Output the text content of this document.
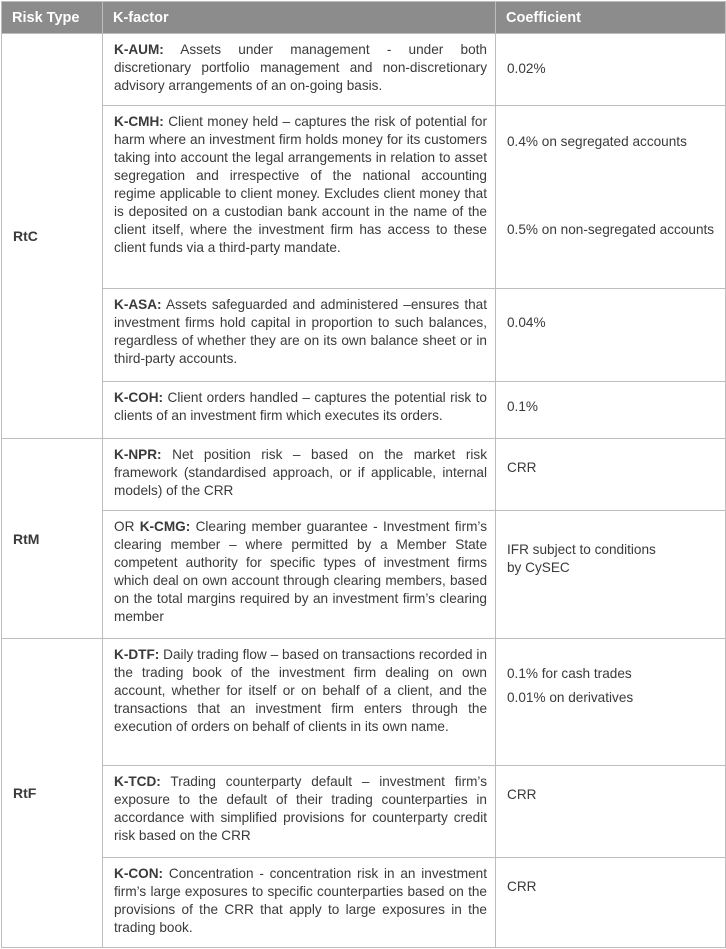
Risk Type	K-factor	Coefficient
RtC	K-AUM: Assets under management - under both discretionary portfolio management and non-discretionary advisory arrangements of an on-going basis.	0.02%

	K-CMH: Client money held – captures the risk of potential for harm where an investment firm holds money for its customers taking into account the legal arrangements in relation to asset segregation and irrespective of the national accounting regime applicable to client money. Excludes client money that is deposited on a custodian bank account in the name of the client itself, where the investment firm has access to these client funds via a third-party mandate.	0.4% on segregated accounts
0.5% on non-segregated accounts

	K-ASA: Assets safeguarded and administered –ensures that investment firms hold capital in proportion to such balances, regardless of whether they are on its own balance sheet or in third-party accounts.	0.04%

	K-COH: Client orders handled – captures the potential risk to clients of an investment firm which executes its orders.	0.1%

RtM	K-NPR: Net position risk – based on the market risk framework (standardised approach, or if applicable, internal models) of the CRR	CRR

	OR K-CMG: Clearing member guarantee - Investment firm’s clearing member – where permitted by a Member State competent authority for specific types of investment firms which deal on own account through clearing members, based on the total margins required by an investment firm’s clearing member	IFR subject to conditions
by CySEC

RtF	K-DTF: Daily trading flow – based on transactions recorded in the trading book of the investment firm dealing on own account, whether for itself or on behalf of a client, and the transactions that an investment firm enters through the execution of orders on behalf of clients in its own name.	0.1% for cash trades
0.01% on derivatives

	K-TCD: Trading counterparty default – investment firm’s exposure to the default of their trading counterparties in accordance with simplified provisions for counterparty credit risk based on the CRR	CRR

	K-CON: Concentration - concentration risk in an investment firm’s large exposures to specific counterparties based on the provisions of the CRR that apply to large exposures in the trading book.	CRR
